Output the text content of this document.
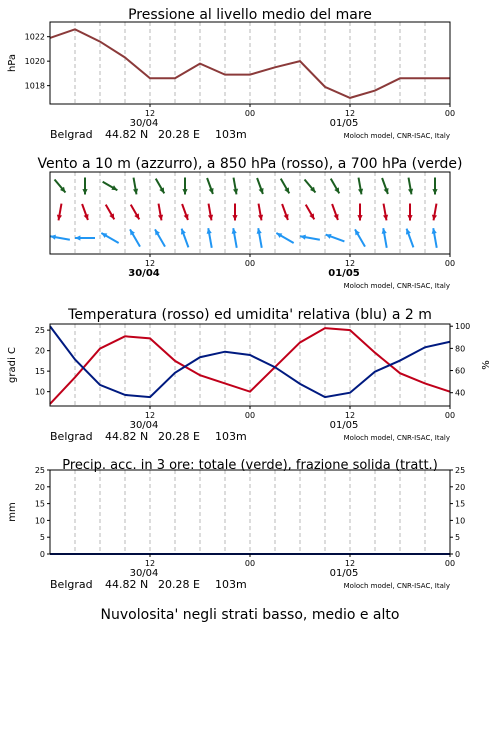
Pressione al livello medio del mare
1018
1020
1022
hPa
12	00	12	00
30/04	01/05
Belgrad 44.82 N 20.28 E 103m	Moloch model, CNR-ISAC, Italy
Vento a 10 m (azzurro), a 850 hPa (rosso), a 700 hPa (verde)
12	00	12	00
30/04	01/05
Moloch model, CNR-ISAC, Italy
Temperatura (rosso) ed umidita' relativa (blu) a 2 m
10
15
20
25
40
60
80
100
gradi C	%
12	00	12	00
30/04	01/05
Belgrad 44.82 N 20.28 E 103m	Moloch model, CNR-ISAC, Italy
Precip. acc. in 3 ore: totale (verde), frazione solida (tratt.)
0	0
5	5
10	10
15	15
20	20
25	25
mm
12	00	12	00
30/04	01/05
Belgrad 44.82 N 20.28 E 103m	Moloch model, CNR-ISAC, Italy
Nuvolosita' negli strati basso, medio e alto
